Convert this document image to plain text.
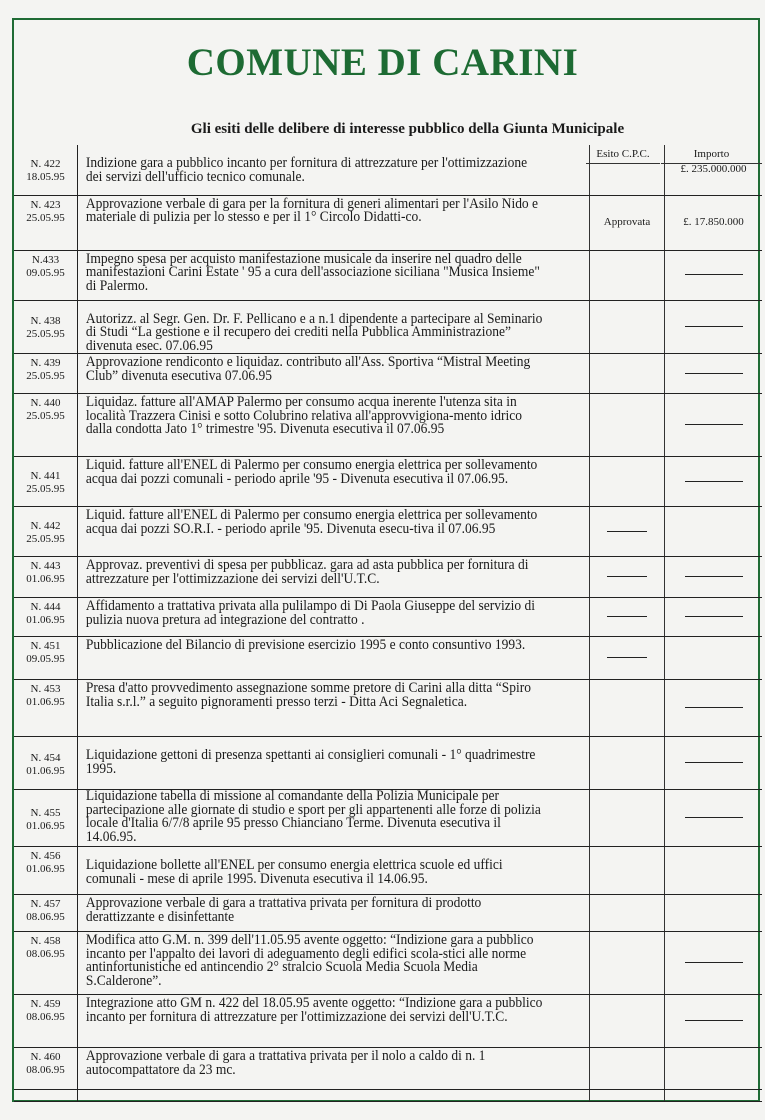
COMUNE DI CARINI
Gli esiti delle delibere di interesse pubblico della Giunta Municipale
N. 422
18.05.95	Indizione gara a pubblico incanto per fornitura di attrezzature per l'ottimizzazione dei servizi dell'ufficio tecnico comunale.		£. 235.000.000

N. 423
25.05.95	Approvazione verbale di gara per la fornitura di generi alimentari per l'Asilo Nido e materiale di pulizia per lo stesso e per il 1° Circolo Didatti-co.	Approvata	£. 17.850.000

N.433
09.05.95	Impegno spesa per acquisto manifestazione musicale da inserire nel quadro delle manifestazioni Carini Estate ' 95 a cura dell'associazione siciliana "Musica Insieme" di Palermo.		

N. 438
25.05.95	Autorizz. al Segr. Gen. Dr. F. Pellicano e a n.1 dipendente a partecipare al Seminario di Studi “La gestione e il recupero dei crediti nella Pubblica Amministrazione” divenuta esec. 07.06.95		

N. 439
25.05.95	Approvazione rendiconto e liquidaz. contributo all'Ass. Sportiva “Mistral Meeting Club” divenuta esecutiva 07.06.95		

N. 440
25.05.95	Liquidaz. fatture all'AMAP Palermo per consumo acqua inerente l'utenza sita in località Trazzera Cinisi e sotto Colubrino relativa all'approvvigiona-mento idrico dalla condotta Jato 1° trimestre '95. Divenuta esecutiva il 07.06.95		

N. 441
25.05.95	Liquid. fatture all'ENEL di Palermo per consumo energia elettrica per sollevamento acqua dai pozzi comunali - periodo aprile '95 - Divenuta esecutiva il 07.06.95.		

N. 442
25.05.95	Liquid. fatture all'ENEL di Palermo per consumo energia elettrica per sollevamento acqua dai pozzi SO.R.I. - periodo aprile '95. Divenuta esecu-tiva il 07.06.95		

N. 443
01.06.95	Approvaz. preventivi di spesa per pubblicaz. gara ad asta pubblica per fornitura di attrezzature per l'ottimizzazione dei servizi dell'U.T.C.		

N. 444
01.06.95	Affidamento a trattativa privata alla pulilampo di Di Paola Giuseppe del servizio di pulizia nuova pretura ad integrazione del contratto .		

N. 451
09.05.95	Pubblicazione del Bilancio di previsione esercizio 1995 e conto consuntivo 1993.		

N. 453
01.06.95	Presa d'atto provvedimento assegnazione somme pretore di Carini alla ditta “Spiro Italia s.r.l.” a seguito pignoramenti presso terzi - Ditta Aci Segnaletica.		

N. 454
01.06.95	Liquidazione gettoni di presenza spettanti ai consiglieri comunali - 1° quadrimestre 1995.		

N. 455
01.06.95	Liquidazione tabella di missione al comandante della Polizia Municipale per partecipazione alle giornate di studio e sport per gli appartenenti alle forze di polizia locale d'Italia 6/7/8 aprile 95 presso Chianciano Terme. Divenuta esecutiva il 14.06.95.		

N. 456
01.06.95	Liquidazione bollette all'ENEL per consumo energia elettrica scuole ed uffici comunali - mese di aprile 1995. Divenuta esecutiva il 14.06.95.		

N. 457
08.06.95	Approvazione verbale di gara a trattativa privata per fornitura di prodotto derattizzante e disinfettante		

N. 458
08.06.95	Modifica atto G.M. n. 399 dell'11.05.95 avente oggetto: “Indizione gara a pubblico incanto per l'appalto dei lavori di adeguamento degli edifici scola-stici alle norme antinfortunistiche ed antincendio 2° stralcio Scuola Media Scuola Media S.Calderone”.		

N. 459
08.06.95	Integrazione atto GM n. 422 del 18.05.95 avente oggetto: “Indizione gara a pubblico incanto per fornitura di attrezzature per l'ottimizzazione dei servizi dell'U.T.C.		

N. 460
08.06.95	Approvazione verbale di gara a trattativa privata per il nolo a caldo di n. 1 autocompattatore da 23 mc.		

Esito C.P.C.	Importo
